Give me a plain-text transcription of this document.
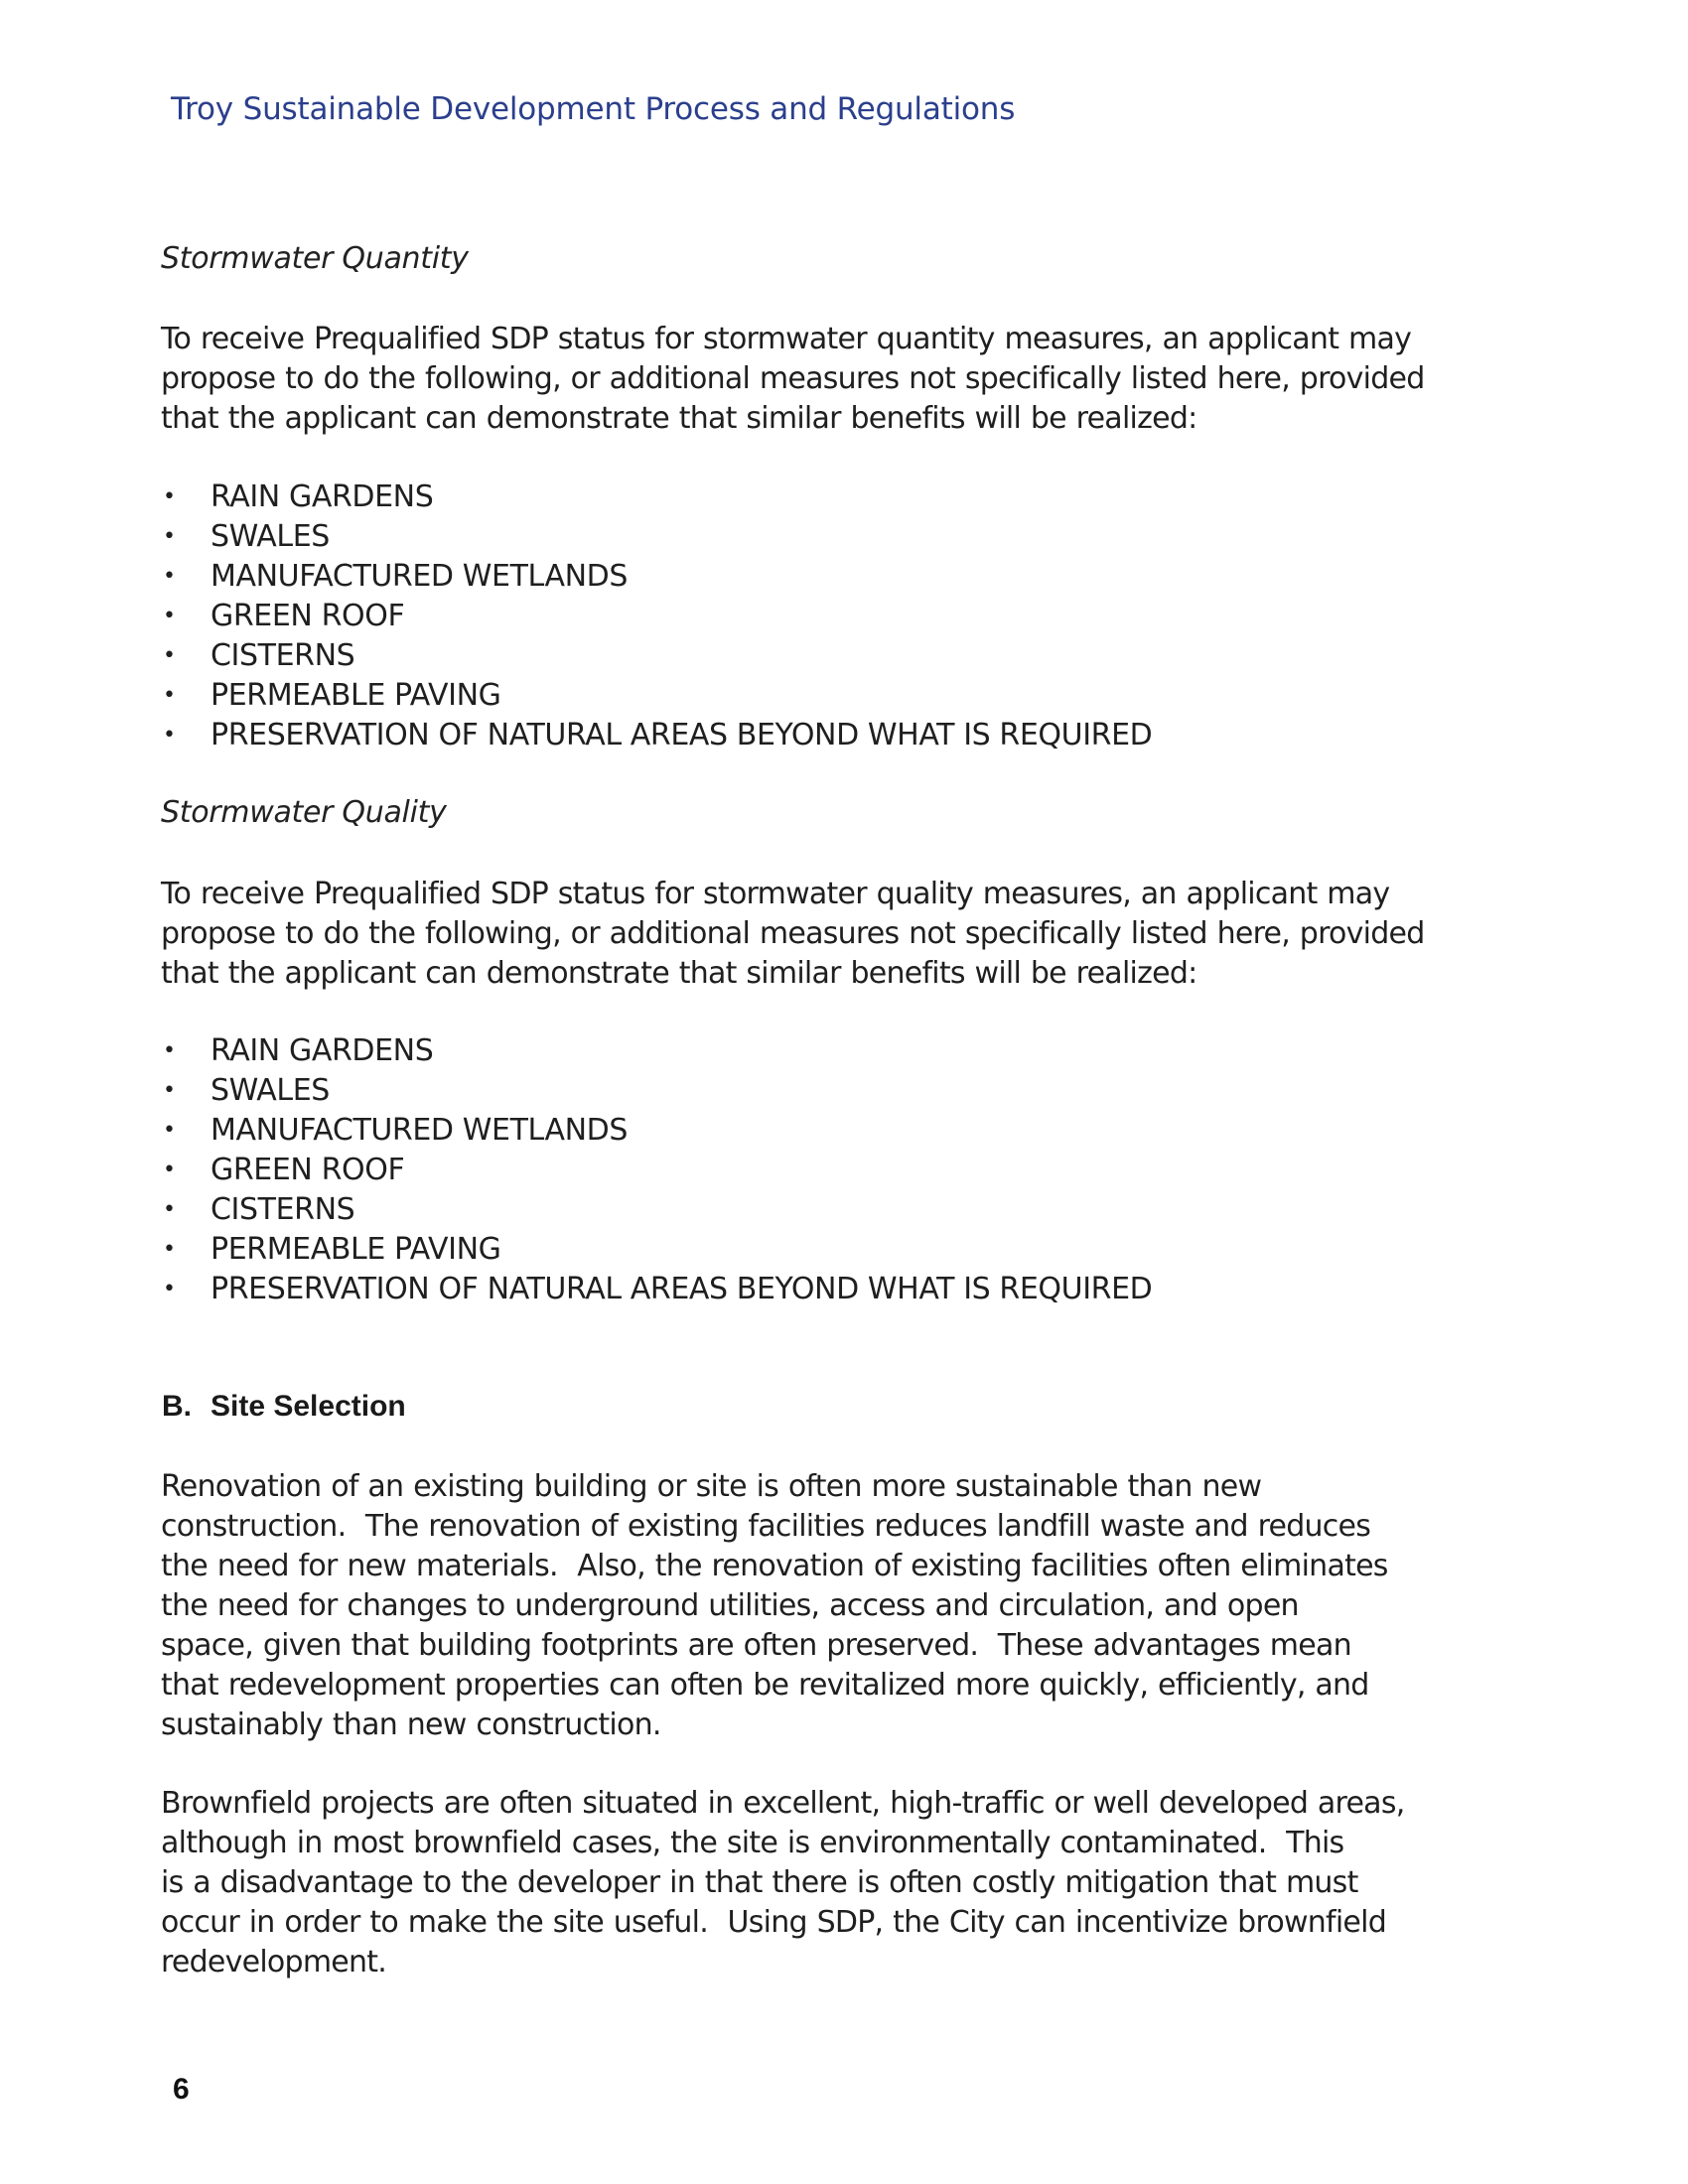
Troy Sustainable Development Process and Regulations
Stormwater Quantity

To receive Prequalified SDP status for stormwater quantity measures, an applicant may
propose to do the following, or additional measures not specifically listed here, provided
that the applicant can demonstrate that similar benefits will be realized:

• RAIN GARDENS
• SWALES
• MANUFACTURED WETLANDS
• GREEN ROOF
• CISTERNS
• PERMEABLE PAVING
• PRESERVATION OF NATURAL AREAS BEYOND WHAT IS REQUIRED
Stormwater Quality

To receive Prequalified SDP status for stormwater quality measures, an applicant may
propose to do the following, or additional measures not specifically listed here, provided
that the applicant can demonstrate that similar benefits will be realized:

• RAIN GARDENS
• SWALES
• MANUFACTURED WETLANDS
• GREEN ROOF
• CISTERNS
• PERMEABLE PAVING
• PRESERVATION OF NATURAL AREAS BEYOND WHAT IS REQUIRED
B. Site Selection

Renovation of an existing building or site is often more sustainable than new
construction.  The renovation of existing facilities reduces landfill waste and reduces
the need for new materials.  Also, the renovation of existing facilities often eliminates
the need for changes to underground utilities, access and circulation, and open
space, given that building footprints are often preserved.  These advantages mean
that redevelopment properties can often be revitalized more quickly, efficiently, and
sustainably than new construction.

Brownfield projects are often situated in excellent, high-traffic or well developed areas,
although in most brownfield cases, the site is environmentally contaminated.  This
is a disadvantage to the developer in that there is often costly mitigation that must
occur in order to make the site useful.  Using SDP, the City can incentivize brownfield
redevelopment.

6
